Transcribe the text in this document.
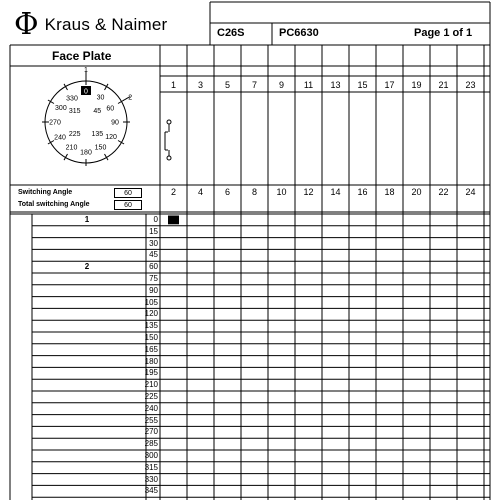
Φ Kraus & Naimer	C26S	PC6630	Page 1 of 1
Face Plate
Switching Angle	60
Total switching Angle	60
0
30
60
90
120
150
180
210
240
270
300
330
45
135
225
315
1
2
1	3	5	7	9	11	13	15	17	19	21	23
2	4	6	8	10	12	14	16	18	20	22	24
1	0
15
30
45
2	60
75
90
105
120
135
150
165
180
195
210
225
240
255
270
285
300
315
330
345
